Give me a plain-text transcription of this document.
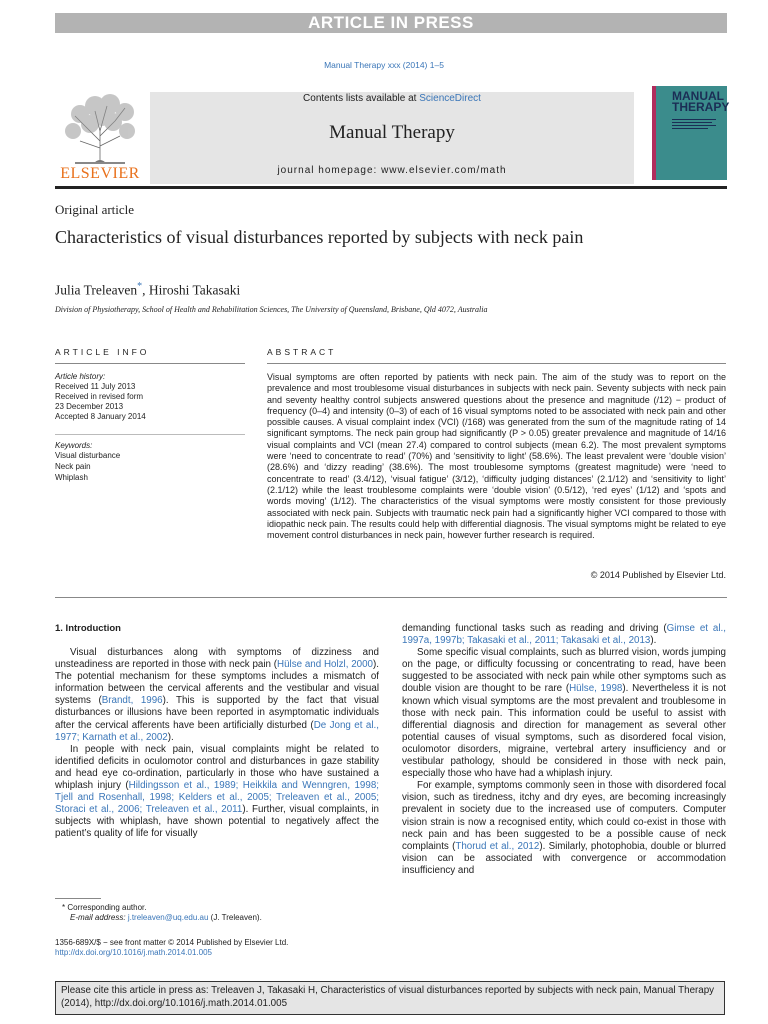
ARTICLE IN PRESS
Manual Therapy xxx (2014) 1–5
ELSEVIER
Contents lists available at ScienceDirect
Manual Therapy
journal homepage: www.elsevier.com/math
MANUAL
THERAPY
Original article
Characteristics of visual disturbances reported by subjects with neck pain
Julia Treleaven*, Hiroshi Takasaki
Division of Physiotherapy, School of Health and Rehabilitation Sciences, The University of Queensland, Brisbane, Qld 4072, Australia
ARTICLE INFO
Article history:
Received 11 July 2013
Received in revised form
23 December 2013
Accepted 8 January 2014
Keywords:
Visual disturbance
Neck pain
Whiplash
ABSTRACT
Visual symptoms are often reported by patients with neck pain. The aim of the study was to report on the prevalence and most troublesome visual disturbances in subjects with neck pain. Seventy subjects with neck pain and seventy healthy control subjects answered questions about the presence and magnitude (/12) − product of frequency (0–4) and intensity (0–3) of each of 16 visual symptoms noted to be associated with neck pain and other possible causes. A visual complaint index (VCI) (/168) was generated from the sum of the magnitude rating of 14 significant symptoms. The neck pain group had significantly (P > 0.05) greater prevalence and magnitude of 14/16 visual complaints and VCI (mean 27.4) compared to control subjects (mean 6.2). The most prevalent symptoms were ‘need to concentrate to read’ (70%) and ‘sensitivity to light’ (58.6%). The least prevalent were ‘double vision’ (28.6%) and ‘dizzy reading’ (38.6%). The most troublesome symptoms (greatest magnitude) were ‘need to concentrate to read’ (3.4/12), ‘visual fatigue’ (3/12), ‘difficulty judging distances’ (2.1/12) and ‘sensitivity to light’ (2.1/12) while the least troublesome complaints were ‘double vision’ (0.5/12), ‘red eyes’ (1/12) and ‘spots and words moving’ (1/12). The characteristics of the visual symptoms were mostly consistent for those previously associated with neck pain. Subjects with traumatic neck pain had a significantly higher VCI compared to those with idiopathic neck pain. The results could help with differential diagnosis. The visual symptoms might be related to eye movement control disturbances in neck pain, however further research is required.
© 2014 Published by Elsevier Ltd.
1. Introduction

Visual disturbances along with symptoms of dizziness and unsteadiness are reported in those with neck pain (Hülse and Holzl, 2000). The potential mechanism for these symptoms includes a mismatch of information between the cervical afferents and the vestibular and visual systems (Brandt, 1996). This is supported by the fact that visual disturbances or illusions have been reported in asymptomatic individuals after the cervical afferents have been artificially disturbed (De Jong et al., 1977; Karnath et al., 2002).

In people with neck pain, visual complaints might be related to identified deficits in oculomotor control and disturbances in gaze stability and head eye co-ordination, particularly in those who have sustained a whiplash injury (Hildingsson et al., 1989; Heikkila and Wenngren, 1998; Tjell and Rosenhall, 1998; Kelders et al., 2005; Treleaven et al., 2005; Storaci et al., 2006; Treleaven et al., 2011). Further, visual complaints, in subjects with whiplash, have shown potential to negatively affect the patient’s quality of life for visually

demanding functional tasks such as reading and driving (Gimse et al., 1997a, 1997b; Takasaki et al., 2011; Takasaki et al., 2013).

Some specific visual complaints, such as blurred vision, words jumping on the page, or difficulty focussing or concentrating to read, have been suggested to be associated with neck pain while other symptoms such as double vision are thought to be rare (Hülse, 1998). Nevertheless it is not known which visual symptoms are the most prevalent and troublesome in those with neck pain. This information could be useful to assist with differential diagnosis and direction for management as several other potential causes of visual symptoms, such as disordered focal vision, oculomotor disorders, migraine, vertebral artery insufficiency and or vestibular pathology, should be considered in those with neck pain, especially those who have had a whiplash injury.

For example, symptoms commonly seen in those with disordered focal vision, such as tiredness, itchy and dry eyes, are becoming increasingly prevalent in society due to the increased use of computers. Computer vision strain is now a recognised entity, which could co-exist in those with neck pain and has been suggested to be a possible cause of neck complaints (Thorud et al., 2012). Similarly, photophobia, double or blurred vision can be associated with convergence or accommodation insufficiency and

* Corresponding author.
E-mail address: j.treleaven@uq.edu.au (J. Treleaven).
1356-689X/$ − see front matter © 2014 Published by Elsevier Ltd.
http://dx.doi.org/10.1016/j.math.2014.01.005
Please cite this article in press as: Treleaven J, Takasaki H, Characteristics of visual disturbances reported by subjects with neck pain, Manual Therapy (2014), http://dx.doi.org/10.1016/j.math.2014.01.005
